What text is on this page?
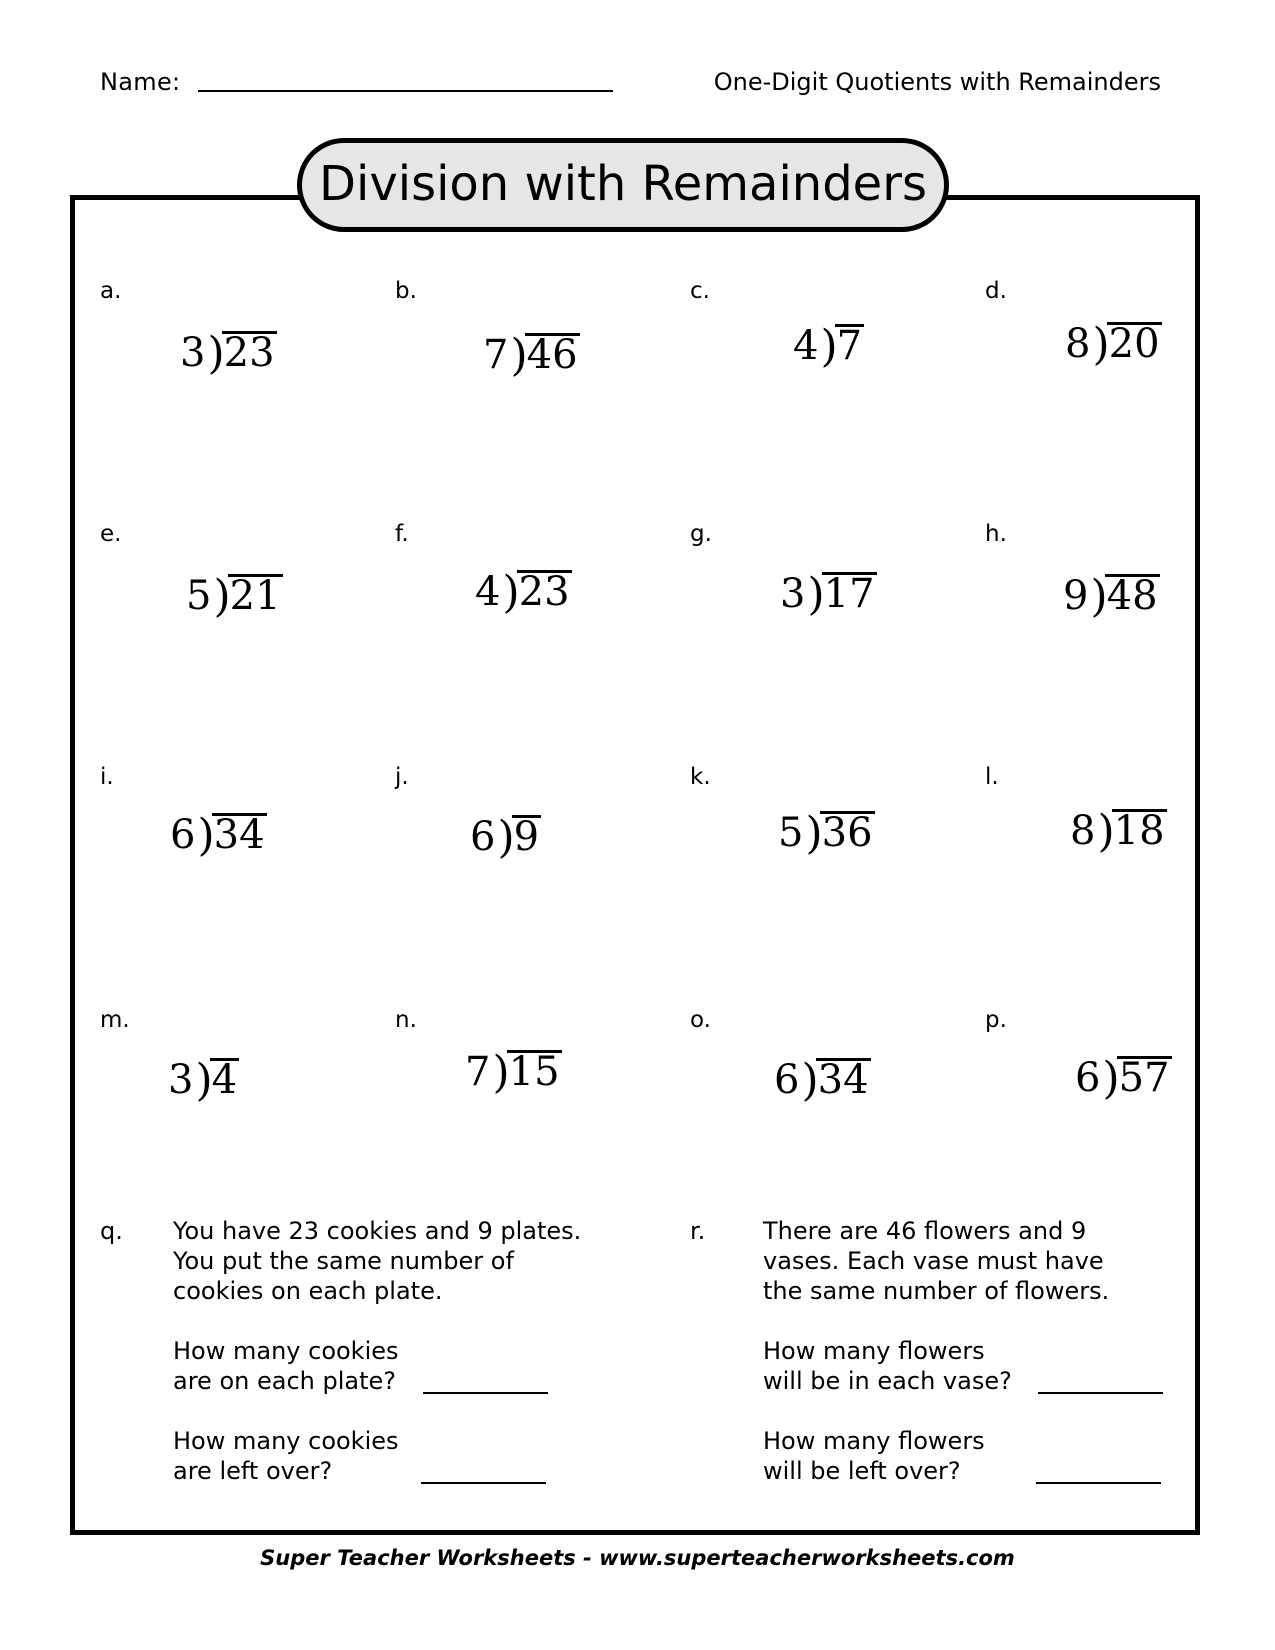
Name:	One-Digit Quotients with Remainders
Division with Remainders
a.
3)23
b.
7)46
c.
4)7
d.
8)20
e.
5)21
f.
4)23
g.
3)17
h.
9)48
i.
6)34
j.
6)9
k.
5)36
l.
8)18
m.
3)4
n.
7)15
o.
6)34
p.
6)57
q. You have 23 cookies and 9 plates.
You put the same number of
cookies on each plate.

How many cookies
are on each plate?
How many cookies
are left over?
r. There are 46 flowers and 9
vases. Each vase must have
the same number of flowers.

How many flowers
will be in each vase?
How many flowers
will be left over?
Super Teacher Worksheets - www.superteacherworksheets.com
